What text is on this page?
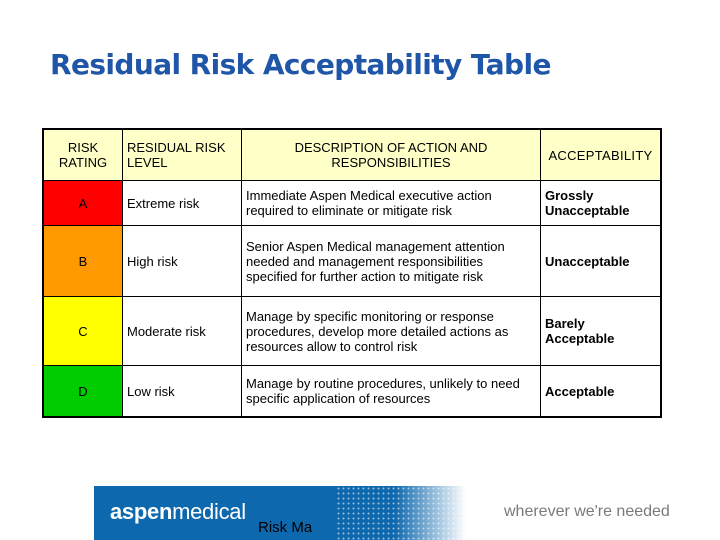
Residual Risk Acceptability Table
RISK RATING	RESIDUAL RISK LEVEL	DESCRIPTION OF ACTION AND RESPONSIBILITIES	ACCEPTABILITY
A	Extreme risk	Immediate Aspen Medical executive action required to eliminate or mitigate risk	Grossly Unacceptable
B	High risk	Senior Aspen Medical management attention needed and management responsibilities specified for further action to mitigate risk	Unacceptable
C	Moderate risk	Manage by specific monitoring or response procedures, develop more detailed actions as resources allow to control risk	Barely Acceptable
D	Low risk	Manage by routine procedures, unlikely to need specific application of resources	Acceptable
aspenmedical
Risk Ma
wherever we're needed
